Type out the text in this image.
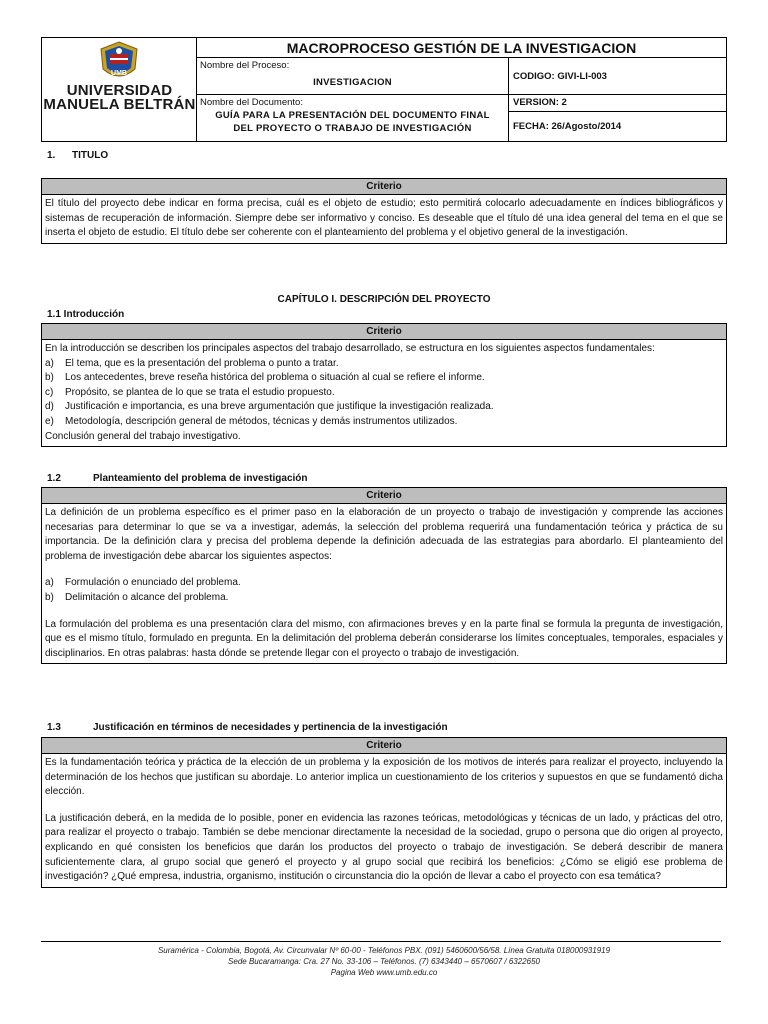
UMB
UNIVERSIDAD
MANUELA BELTRÁN
MACROPROCESO GESTIÓN DE LA INVESTIGACION
Nombre del Proceso:
INVESTIGACION
CODIGO: GIVI-LI-003
Nombre del Documento:
GUÍA PARA LA PRESENTACIÓN DEL DOCUMENTO FINAL
DEL PROYECTO O TRABAJO DE INVESTIGACIÓN
VERSION: 2
FECHA: 26/Agosto/2014
1. TITULO
Criterio
El título del proyecto debe indicar en forma precisa, cuál es el objeto de estudio; esto permitirá colocarlo adecuadamente en índices bibliográficos y sistemas de recuperación de información. Siempre debe ser informativo y conciso. Es deseable que el título dé una idea general del tema en el que se inserta el objeto de estudio. El título debe ser coherente con el planteamiento del problema y el objetivo general de la investigación.
CAPÍTULO I. DESCRIPCIÓN DEL PROYECTO
1.1 Introducción
Criterio

En la introducción se describen los principales aspectos del trabajo desarrollado, se estructura en los siguientes aspectos fundamentales:

a)	El tema, que es la presentación del problema o punto a tratar.
b)	Los antecedentes, breve reseña histórica del problema o situación al cual se refiere el informe.
c)	Propósito, se plantea de lo que se trata el estudio propuesto.
d)	Justificación e importancia, es una breve argumentación que justifique la investigación realizada.
e)	Metodología, descripción general de métodos, técnicas y demás instrumentos utilizados.

Conclusión general del trabajo investigativo.

1.2	Planteamiento del problema de investigación
Criterio

La definición de un problema específico es el primer paso en la elaboración de un proyecto o trabajo de investigación y comprende las acciones necesarias para determinar lo que se va a investigar, además, la selección del problema requerirá una fundamentación teórica y práctica de su importancia. De la definición clara y precisa del problema depende la definición adecuada de las estrategias para abordarlo. El planteamiento del problema de investigación debe abarcar los siguientes aspectos:

a)	Formulación o enunciado del problema.
b)	Delimitación o alcance del problema.

La formulación del problema es una presentación clara del mismo, con afirmaciones breves y en la parte final se formula la pregunta de investigación, que es el mismo título, formulado en pregunta. En la delimitación del problema deberán considerarse los límites conceptuales, temporales, espaciales y disciplinarios. En otras palabras: hasta dónde se pretende llegar con el proyecto o trabajo de investigación.

1.3	Justificación en términos de necesidades y pertinencia de la investigación
Criterio

Es la fundamentación teórica y práctica de la elección de un problema y la exposición de los motivos de interés para realizar el proyecto, incluyendo la determinación de los hechos que justifican su abordaje. Lo anterior implica un cuestionamiento de los criterios y supuestos en que se fundamentó dicha elección.

La justificación deberá, en la medida de lo posible, poner en evidencia las razones teóricas, metodológicas y técnicas de un lado, y prácticas del otro, para realizar el proyecto o trabajo. También se debe mencionar directamente la necesidad de la sociedad, grupo o persona que dio origen al proyecto, explicando en qué consisten los beneficios que darán los productos del proyecto o trabajo de investigación. Se deberá describir de manera suficientemente clara, al grupo social que generó el proyecto y al grupo social que recibirá los beneficios: ¿Cómo se eligió ese problema de investigación? ¿Qué empresa, industria, organismo, institución o circunstancia dio la opción de llevar a cabo el proyecto con esa temática?

Suramérica - Colombia, Bogotá, Av. Circunvalar Nº 60-00 - Teléfonos PBX. (091) 5460600/56/58. Línea Gratuita 018000931919
Sede Bucaramanga: Cra. 27 No. 33-106 – Teléfonos. (7) 6343440 – 6570607 / 6322650
Pagina Web www.umb.edu.co
